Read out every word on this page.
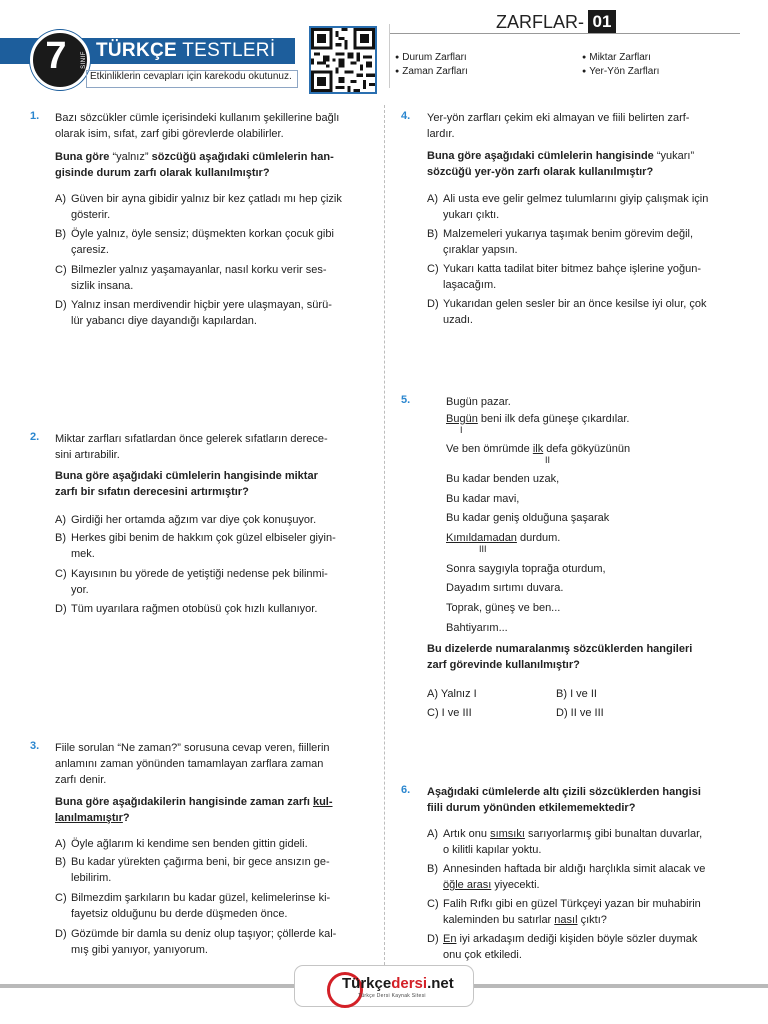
7	SINIF TÜRKÇE TESTLERİ
Etkinliklerin cevapları için karekodu okutunuz.
ZARFLAR- 01
● Durum Zarfları
● Zaman Zarfları
● Miktar Zarfları
● Yer-Yön Zarfları
1. Bazı sözcükler cümle içerisindeki kullanım şekillerine bağlı
olarak isim, sıfat, zarf gibi görevlerde olabilirler.
Buna göre “yalnız” sözcüğü aşağıdaki cümlelerin han-
gisinde durum zarfı olarak kullanılmıştır?
A) Güven bir ayna gibidir yalnız bir kez çatladı mı hep çizik
gösterir.
B) Öyle yalnız, öyle sensiz; düşmekten korkan çocuk gibi
çaresiz.
C) Bilmezler yalnız yaşamayanlar, nasıl korku verir ses-
sizlik insana.
D) Yalnız insan merdivendir hiçbir yere ulaşmayan, sürü-
lür yabancı diye dayandığı kapılardan.
2. Miktar zarfları sıfatlardan önce gelerek sıfatların derece-
sini artırabilir.
Buna göre aşağıdaki cümlelerin hangisinde miktar
zarfı bir sıfatın derecesini artırmıştır?
A) Girdiği her ortamda ağzım var diye çok konuşuyor.
B) Herkes gibi benim de hakkım çok güzel elbiseler giyin-
mek.
C) Kayısının bu yörede de yetiştiği nedense pek bilinmi-
yor.
D) Tüm uyarılara rağmen otobüsü çok hızlı kullanıyor.
3. Fiile sorulan “Ne zaman?” sorusuna cevap veren, fiillerin
anlamını zaman yönünden tamamlayan zarflara zaman
zarfı denir.
Buna göre aşağıdakilerin hangisinde zaman zarfı kul-
lanılmamıştır?
A) Öyle ağlarım ki kendime sen benden gittin gideli.
B) Bu kadar yürekten çağırma beni, bir gece ansızın ge-
lebilirim.
C) Bilmezdim şarkıların bu kadar güzel, kelimelerinse ki-
fayetsiz olduğunu bu derde düşmeden önce.
D) Gözümde bir damla su deniz olup taşıyor; çöllerde kal-
mış gibi yanıyor, yanıyorum.
4. Yer-yön zarfları çekim eki almayan ve fiili belirten zarf-
lardır.
Buna göre aşağıdaki cümlelerin hangisinde “yukarı”
sözcüğü yer-yön zarfı olarak kullanılmıştır?
A) Ali usta eve gelir gelmez tulumlarını giyip çalışmak için
yukarı çıktı.
B) Malzemeleri yukarıya taşımak benim görevim değil,
çıraklar yapsın.
C) Yukarı katta tadilat biter bitmez bahçe işlerine yoğun-
laşacağım.
D) Yukarıdan gelen sesler bir an önce kesilse iyi olur, çok
uzadı.
5.	Bugün pazar.
Bugün beni ilk defa güneşe çıkardılar.
I
Ve ben ömrümde ilk defa gökyüzünün
II
Bu kadar benden uzak,
Bu kadar mavi,
Bu kadar geniş olduğuna şaşarak
Kımıldamadan durdum.
III
Sonra saygıyla toprağa oturdum,
Dayadım sırtımı duvara.
Toprak, güneş ve ben...
Bahtiyarım...
Bu dizelerde numaralanmış sözcüklerden hangileri
zarf görevinde kullanılmıştır?
A) Yalnız I	B) I ve II
C) I ve III	D) II ve III
6. Aşağıdaki cümlelerde altı çizili sözcüklerden hangisi
fiili durum yönünden etkilememektedir?
A) Artık onu sımsıkı sarıyorlarmış gibi bunaltan duvarlar,
o kilitli kapılar yoktu.
B) Annesinden haftada bir aldığı harçlıkla simit alacak ve
öğle arası yiyecekti.
C) Falih Rıfkı gibi en güzel Türkçeyi yazan bir muhabirin
kaleminden bu satırlar nasıl çıktı?
D) En iyi arkadaşım dediği kişiden böyle sözler duymak
onu çok etkiledi.
Türkçedersi.net
Türkçe Dersi Kaynak Sitesi
